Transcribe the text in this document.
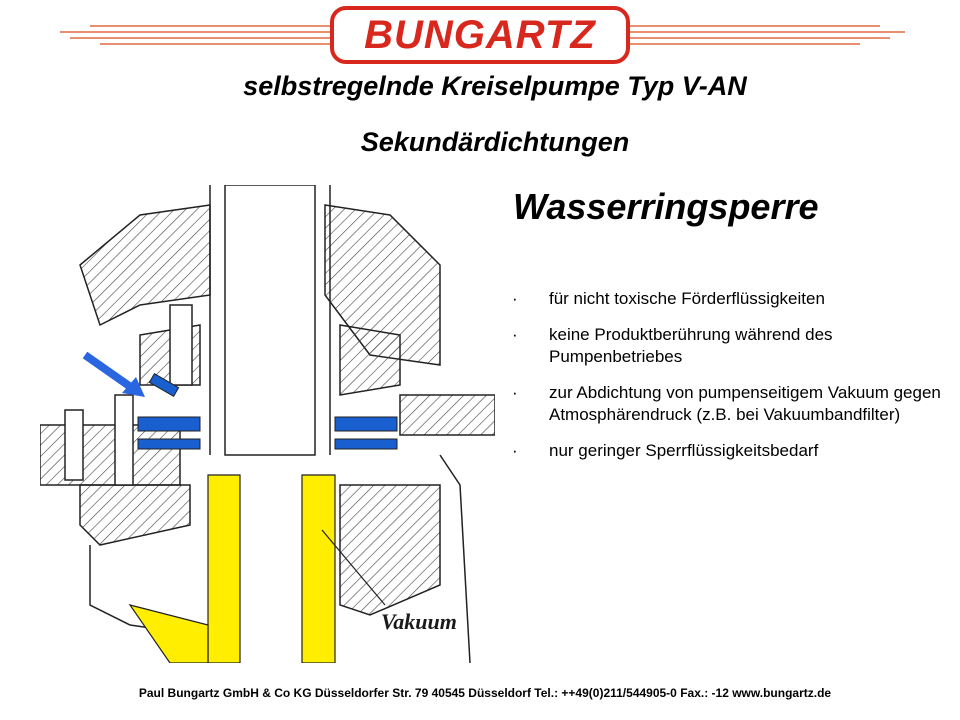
BUNGARTZ
selbstregelnde Kreiselpumpe Typ V-AN
Sekundärdichtungen
Vakuum
Wasserringsperre
· für nicht toxische Förderflüssigkeiten
· keine Produktberührung während des Pumpenbetriebes
· zur Abdichtung von pumpenseitigem Vakuum gegen Atmosphärendruck (z.B. bei Vakuumbandfilter)
· nur geringer Sperrflüssigkeitsbedarf
Paul Bungartz GmbH & Co KG Düsseldorfer Str. 79 40545 Düsseldorf Tel.: ++49(0)211/544905-0 Fax.: -12 www.bungartz.de
